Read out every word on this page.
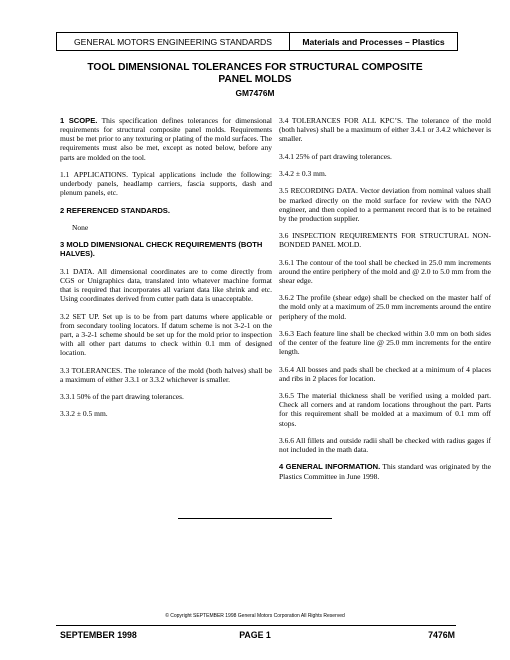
GENERAL MOTORS ENGINEERING STANDARDS	Materials and Processes – Plastics
TOOL DIMENSIONAL TOLERANCES FOR STRUCTURAL COMPOSITE
PANEL MOLDS
GM7476M

1 SCOPE. This specification defines tolerances for dimensional requirements for structural composite panel molds. Requirements must be met prior to any texturing or plating of the mold surfaces. The requirements must also be met, except as noted below, before any parts are molded on the tool.

1.1 APPLICATIONS. Typical applications include the following: underbody panels, headlamp carriers, fascia supports, dash and plenum panels, etc.

2 REFERENCED STANDARDS.

None

3 MOLD DIMENSIONAL CHECK REQUIREMENTS (BOTH HALVES).

3.1 DATA. All dimensional coordinates are to come directly from CGS or Unigraphics data, translated into whatever machine format that is required that incorporates all variant data like shrink and etc. Using coordinates derived from cutter path data is unacceptable.

3.2 SET UP. Set up is to be from part datums where applicable or from secondary tooling locators. If datum scheme is not 3-2-1 on the part, a 3-2-1 scheme should be set up for the mold prior to inspection with all other part datums to check within 0.1 mm of designed location.

3.3 TOLERANCES. The tolerance of the mold (both halves) shall be a maximum of either 3.3.1 or 3.3.2 whichever is smaller.

3.3.1 50% of the part drawing tolerances.

3.3.2 ± 0.5 mm.

3.4 TOLERANCES FOR ALL KPC’S. The tolerance of the mold (both halves) shall be a maximum of either 3.4.1 or 3.4.2 whichever is smaller.

3.4.1 25% of part drawing tolerances.

3.4.2 ± 0.3 mm.

3.5 RECORDING DATA. Vector deviation from nominal values shall be marked directly on the mold surface for review with the NAO engineer, and then copied to a permanent record that is to be retained by the production supplier.

3.6 INSPECTION REQUIREMENTS FOR STRUCTURAL NON-BONDED PANEL MOLD.

3.6.1 The contour of the tool shall be checked in 25.0 mm increments around the entire periphery of the mold and @ 2.0 to 5.0 mm from the shear edge.

3.6.2 The profile (shear edge) shall be checked on the master half of the mold only at a maximum of 25.0 mm increments around the entire periphery of the mold.

3.6.3 Each feature line shall be checked within 3.0 mm on both sides of the center of the feature line @ 25.0 mm increments for the entire length.

3.6.4 All bosses and pads shall be checked at a minimum of 4 places and ribs in 2 places for location.

3.6.5 The material thickness shall be verified using a molded part. Check all corners and at random locations throughout the part. Parts for this requirement shall be molded at a maximum of 0.1 mm off stops.

3.6.6 All fillets and outside radii shall be checked with radius gages if not included in the math data.

4 GENERAL INFORMATION. This standard was originated by the Plastics Committee in June 1998.

© Copyright SEPTEMBER 1998 General Motors Corporation All Rights Reserved
SEPTEMBER 1998	PAGE 1	7476M
